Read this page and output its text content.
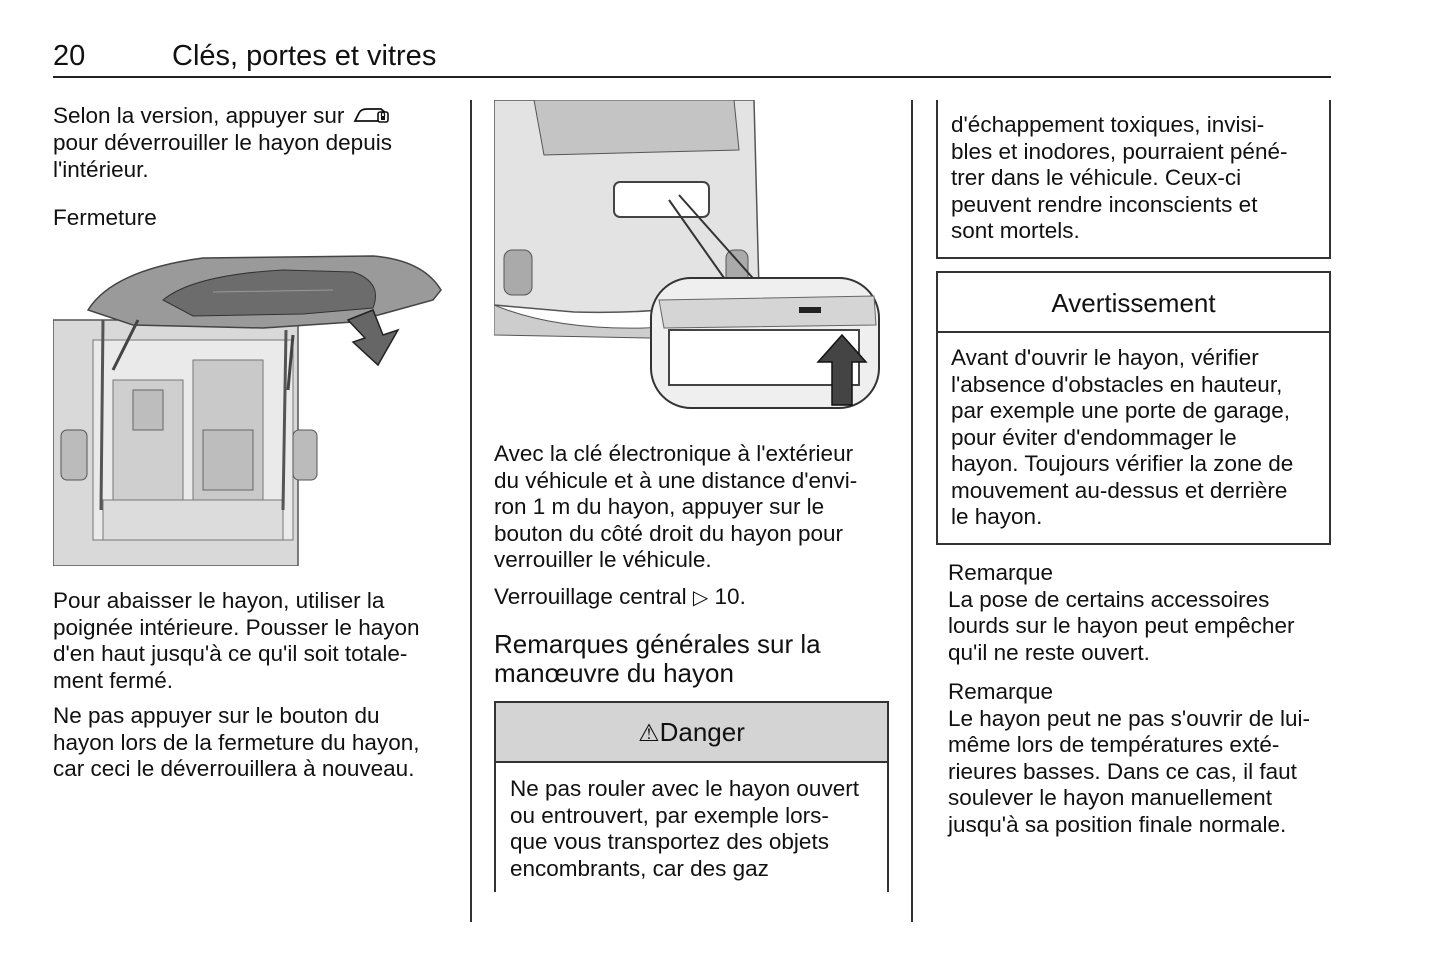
20	Clés, portes et vitres
Selon la version, appuyer sur
pour déverrouiller le hayon depuis
l'intérieur.
Fermeture
Pour abaisser le hayon, utiliser la
poignée intérieure. Pousser le hayon
d'en haut jusqu'à ce qu'il soit totale-
ment fermé.
Ne pas appuyer sur le bouton du
hayon lors de la fermeture du hayon,
car ceci le déverrouillera à nouveau.
Avec la clé électronique à l'extérieur
du véhicule et à une distance d'envi-
ron 1 m du hayon, appuyer sur le
bouton du côté droit du hayon pour
verrouiller le véhicule.
Verrouillage central ▷ 10.
Remarques générales sur la
manœuvre du hayon
⚠Danger
Ne pas rouler avec le hayon ouvert
ou entrouvert, par exemple lors-
que vous transportez des objets
encombrants, car des gaz
d'échappement toxiques, invisi-
bles et inodores, pourraient péné-
trer dans le véhicule. Ceux-ci
peuvent rendre inconscients et
sont mortels.
Avertissement
Avant d'ouvrir le hayon, vérifier
l'absence d'obstacles en hauteur,
par exemple une porte de garage,
pour éviter d'endommager le
hayon. Toujours vérifier la zone de
mouvement au-dessus et derrière
le hayon.
Remarque
La pose de certains accessoires
lourds sur le hayon peut empêcher
qu'il ne reste ouvert.
Remarque
Le hayon peut ne pas s'ouvrir de lui-
même lors de températures exté-
rieures basses. Dans ce cas, il faut
soulever le hayon manuellement
jusqu'à sa position finale normale.
